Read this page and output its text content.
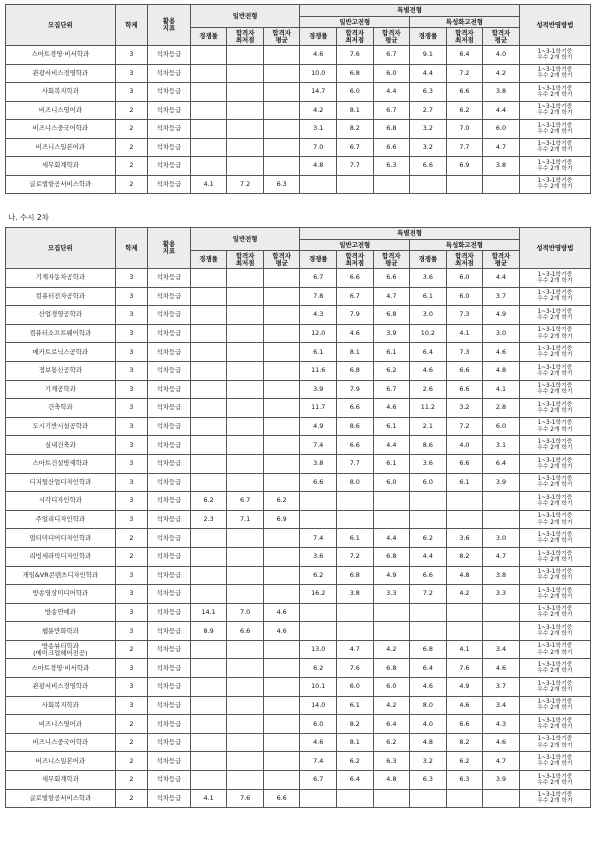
모집단위	학제	활용
지표	일반전형			특별전형						성적반영방법
						일반고전형			특성화고전형			
			경쟁률	합격자
최저점	합격자
평균	경쟁률	합격자
최저점	합격자
평균	경쟁률	합격자
최저점	합격자
평균	
스마트경영·비서학과	3	석차등급				4.6	7.6	6.7	9.1	6.4	4.0	1~3-1학기중
우수 2개 학기
관광서비스경영학과	3	석차등급				10.0	6.8	6.0	4.4	7.2	4.2	1~3-1학기중
우수 2개 학기
사회복지학과	3	석차등급				14.7	6.0	4.4	6.3	6.6	3.8	1~3-1학기중
우수 2개 학기
비즈니스영어과	2	석차등급				4.2	8.1	6.7	2.7	6.2	4.4	1~3-1학기중
우수 2개 학기
비즈니스중국어학과	2	석차등급				3.1	8.2	6.8	3.2	7.0	6.0	1~3-1학기중
우수 2개 학기
비즈니스일본어과	2	석차등급				7.0	6.7	6.6	3.2	7.7	4.7	1~3-1학기중
우수 2개 학기
세무회계학과	2	석차등급				4.8	7.7	6.3	6.6	6.9	3.8	1~3-1학기중
우수 2개 학기
글로벌항공서비스학과	2	석차등급	4.1	7.2	6.3							1~3-1학기중
우수 2개 학기
나. 수시 2차
모집단위	학제	활용
지표	일반전형			특별전형						성적반영방법
						일반고전형			특성화고전형			
			경쟁률	합격자
최저점	합격자
평균	경쟁률	합격자
최저점	합격자
평균	경쟁률	합격자
최저점	합격자
평균	
기계자동차공학과	3	석차등급				6.7	6.6	6.6	3.6	6.0	4.4	1~3-1학기중
우수 2개 학기
컴퓨터전자공학과	3	석차등급				7.8	6.7	4.7	6.1	6.0	3.7	1~3-1학기중
우수 2개 학기
산업경영공학과	3	석차등급				4.3	7.9	6.8	3.0	7.3	4.9	1~3-1학기중
우수 2개 학기
컴퓨터소프트웨어학과	3	석차등급				12.0	4.6	3.9	10.2	4.1	3.0	1~3-1학기중
우수 2개 학기
메카트로닉스공학과	3	석차등급				6.1	8.1	6.1	6.4	7.3	4.6	1~3-1학기중
우수 2개 학기
정보통신공학과	3	석차등급				11.6	6.8	6.2	4.6	6.6	4.8	1~3-1학기중
우수 2개 학기
기계공학과	3	석차등급				3.9	7.9	6.7	2.6	6.6	4.1	1~3-1학기중
우수 2개 학기
건축학과	3	석차등급				11.7	6.6	4.6	11.2	3.2	2.8	1~3-1학기중
우수 2개 학기
도시기반시설공학과	3	석차등급				4.9	8.6	6.1	2.1	7.2	6.0	1~3-1학기중
우수 2개 학기
실내건축과	3	석차등급				7.4	6.6	4.4	8.6	4.0	3.1	1~3-1학기중
우수 2개 학기
스마트건설방재학과	3	석차등급				3.8	7.7	6.1	3.6	6.6	6.4	1~3-1학기중
우수 2개 학기
디지털산업디자인학과	3	석차등급				6.6	8.0	6.0	6.0	6.1	3.9	1~3-1학기중
우수 2개 학기
시각디자인학과	3	석차등급	6.2	6.7	6.2							1~3-1학기중
우수 2개 학기
주얼리디자인학과	3	석차등급	2.3	7.1	6.9							1~3-1학기중
우수 2개 학기
멀티미디어디자인학과	2	석차등급				7.4	6.1	4.4	6.2	3.6	3.0	1~3-1학기중
우수 2개 학기
리빙세라믹디자인학과	2	석차등급				3.6	7.2	6.8	4.4	8.2	4.7	1~3-1학기중
우수 2개 학기
게임&VR콘텐츠디자인학과	3	석차등급				6.2	6.8	4.9	6.6	4.8	3.8	1~3-1학기중
우수 2개 학기
방송영상미디어학과	3	석차등급				16.2	3.8	3.3	7.2	4.2	3.3	1~3-1학기중
우수 2개 학기
방송연예과	3	석차등급	14.1	7.0	4.6							1~3-1학기중
우수 2개 학기
웹툰만화학과	3	석차등급	8.9	6.6	4.6							1~3-1학기중
우수 2개 학기
방송뷰티학과
(메이크업헤어전공)	2	석차등급				13.0	4.7	4.2	6.8	4.1	3.4	1~3-1학기중
우수 2개 학기
스마트경영·비서학과	3	석차등급				6.2	7.6	6.8	6.4	7.6	4.6	1~3-1학기중
우수 2개 학기
관광서비스경영학과	3	석차등급				10.1	6.0	6.0	4.6	4.9	3.7	1~3-1학기중
우수 2개 학기
사회복지학과	3	석차등급				14.0	6.1	4.2	8.0	4.6	3.4	1~3-1학기중
우수 2개 학기
비즈니스영어과	2	석차등급				6.0	8.2	6.4	4.0	6.6	4.3	1~3-1학기중
우수 2개 학기
비즈니스중국어학과	2	석차등급				4.6	8.1	6.2	4.8	8.2	4.6	1~3-1학기중
우수 2개 학기
비즈니스일본어과	2	석차등급				7.4	6.2	6.3	3.2	6.2	4.7	1~3-1학기중
우수 2개 학기
세무회계학과	2	석차등급				6.7	6.4	4.8	6.3	6.3	3.9	1~3-1학기중
우수 2개 학기
글로벌항공서비스학과	2	석차등급	4.1	7.6	6.6							1~3-1학기중
우수 2개 학기
